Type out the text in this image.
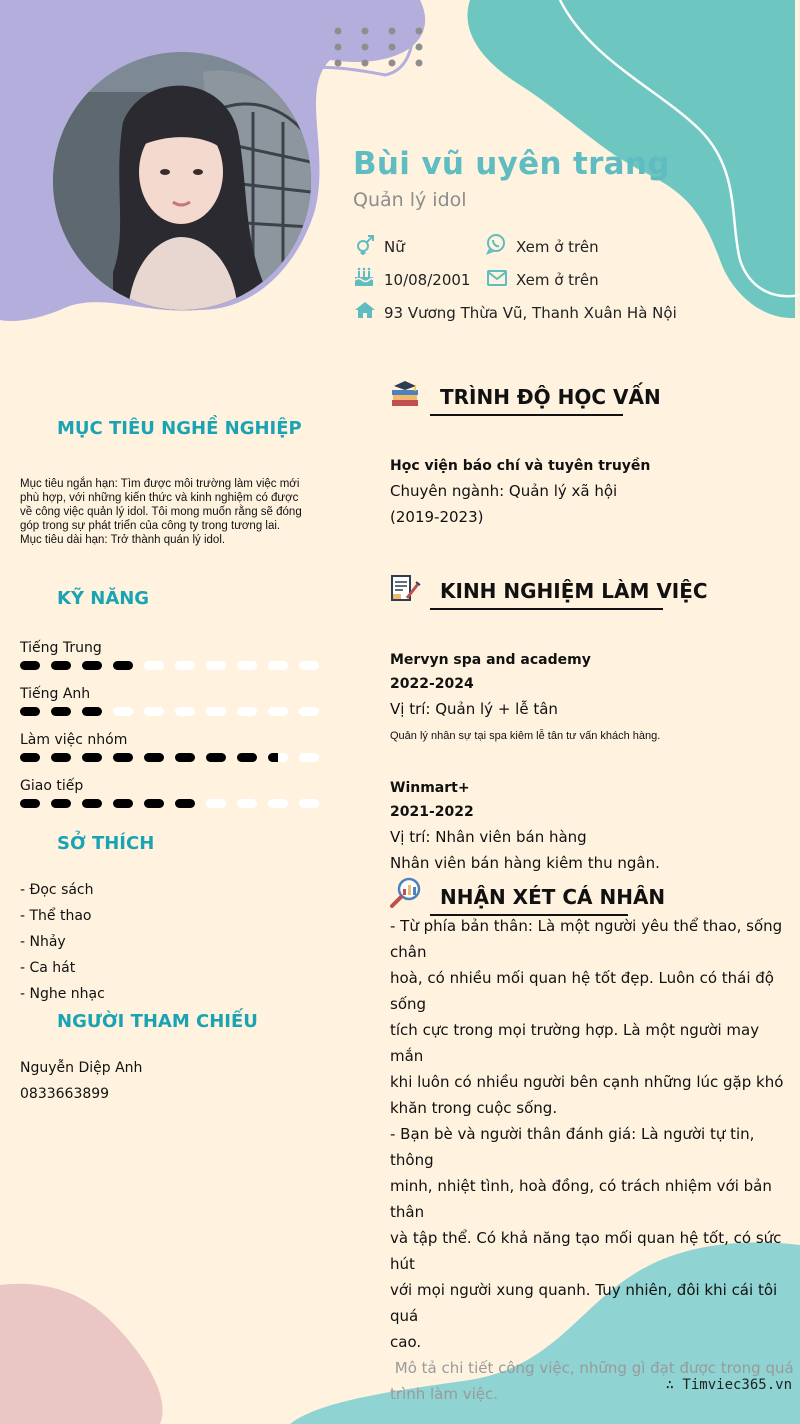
Bùi vũ uyên trang
Quản lý idol
Nữ	Xem ở trên
10/08/2001	Xem ở trên
93 Vương Thừa Vũ, Thanh Xuân Hà Nội
MỤC TIÊU NGHỀ NGHIỆP
Mục tiêu ngắn hạn: Tìm được môi trường làm việc mới
phù hợp, với những kiến thức và kinh nghiệm có được
về công việc quản lý idol. Tôi mong muốn rằng sẽ đóng
góp trong sự phát triển của công ty trong tương lai.
Mục tiêu dài hạn: Trở thành quán lý idol.
KỸ NĂNG
Tiếng Trung
Tiếng Anh
Làm việc nhóm
Giao tiếp
SỞ THÍCH
- Đọc sách
- Thể thao
- Nhảy
- Ca hát
- Nghe nhạc
NGƯỜI THAM CHIẾU
Nguyễn Diệp Anh
0833663899
TRÌNH ĐỘ HỌC VẤN
Học viện báo chí và tuyên truyền
Chuyên ngành: Quản lý xã hội
(2019-2023)
KINH NGHIỆM LÀM VIỆC
Mervyn spa and academy
2022-2024
Vị trí: Quản lý + lễ tân
Quản lý nhân sự tại spa kiêm lễ tân tư vấn khách hàng.
Winmart+
2021-2022
Vị trí: Nhân viên bán hàng
Nhân viên bán hàng kiêm thu ngân.
NHẬN XÉT CÁ NHÂN
- Từ phía bản thân: Là một người yêu thể thao, sống chân
hoà, có nhiều mối quan hệ tốt đẹp. Luôn có thái độ sống
tích cực trong mọi trường hợp. Là một người may mắn
khi luôn có nhiều người bên cạnh những lúc gặp khó
khăn trong cuộc sống.
- Bạn bè và người thân đánh giá: Là người tự tin, thông
minh, nhiệt tình, hoà đồng, có trách nhiệm với bản thân
và tập thể. Có khả năng tạo mối quan hệ tốt, có sức hút
với mọi người xung quanh. Tuy nhiên, đôi khi cái tôi quá
cao.
Mô tả chi tiết công việc, những gì đạt được trong quá
trình làm việc.	∴ Timviec365.vn
